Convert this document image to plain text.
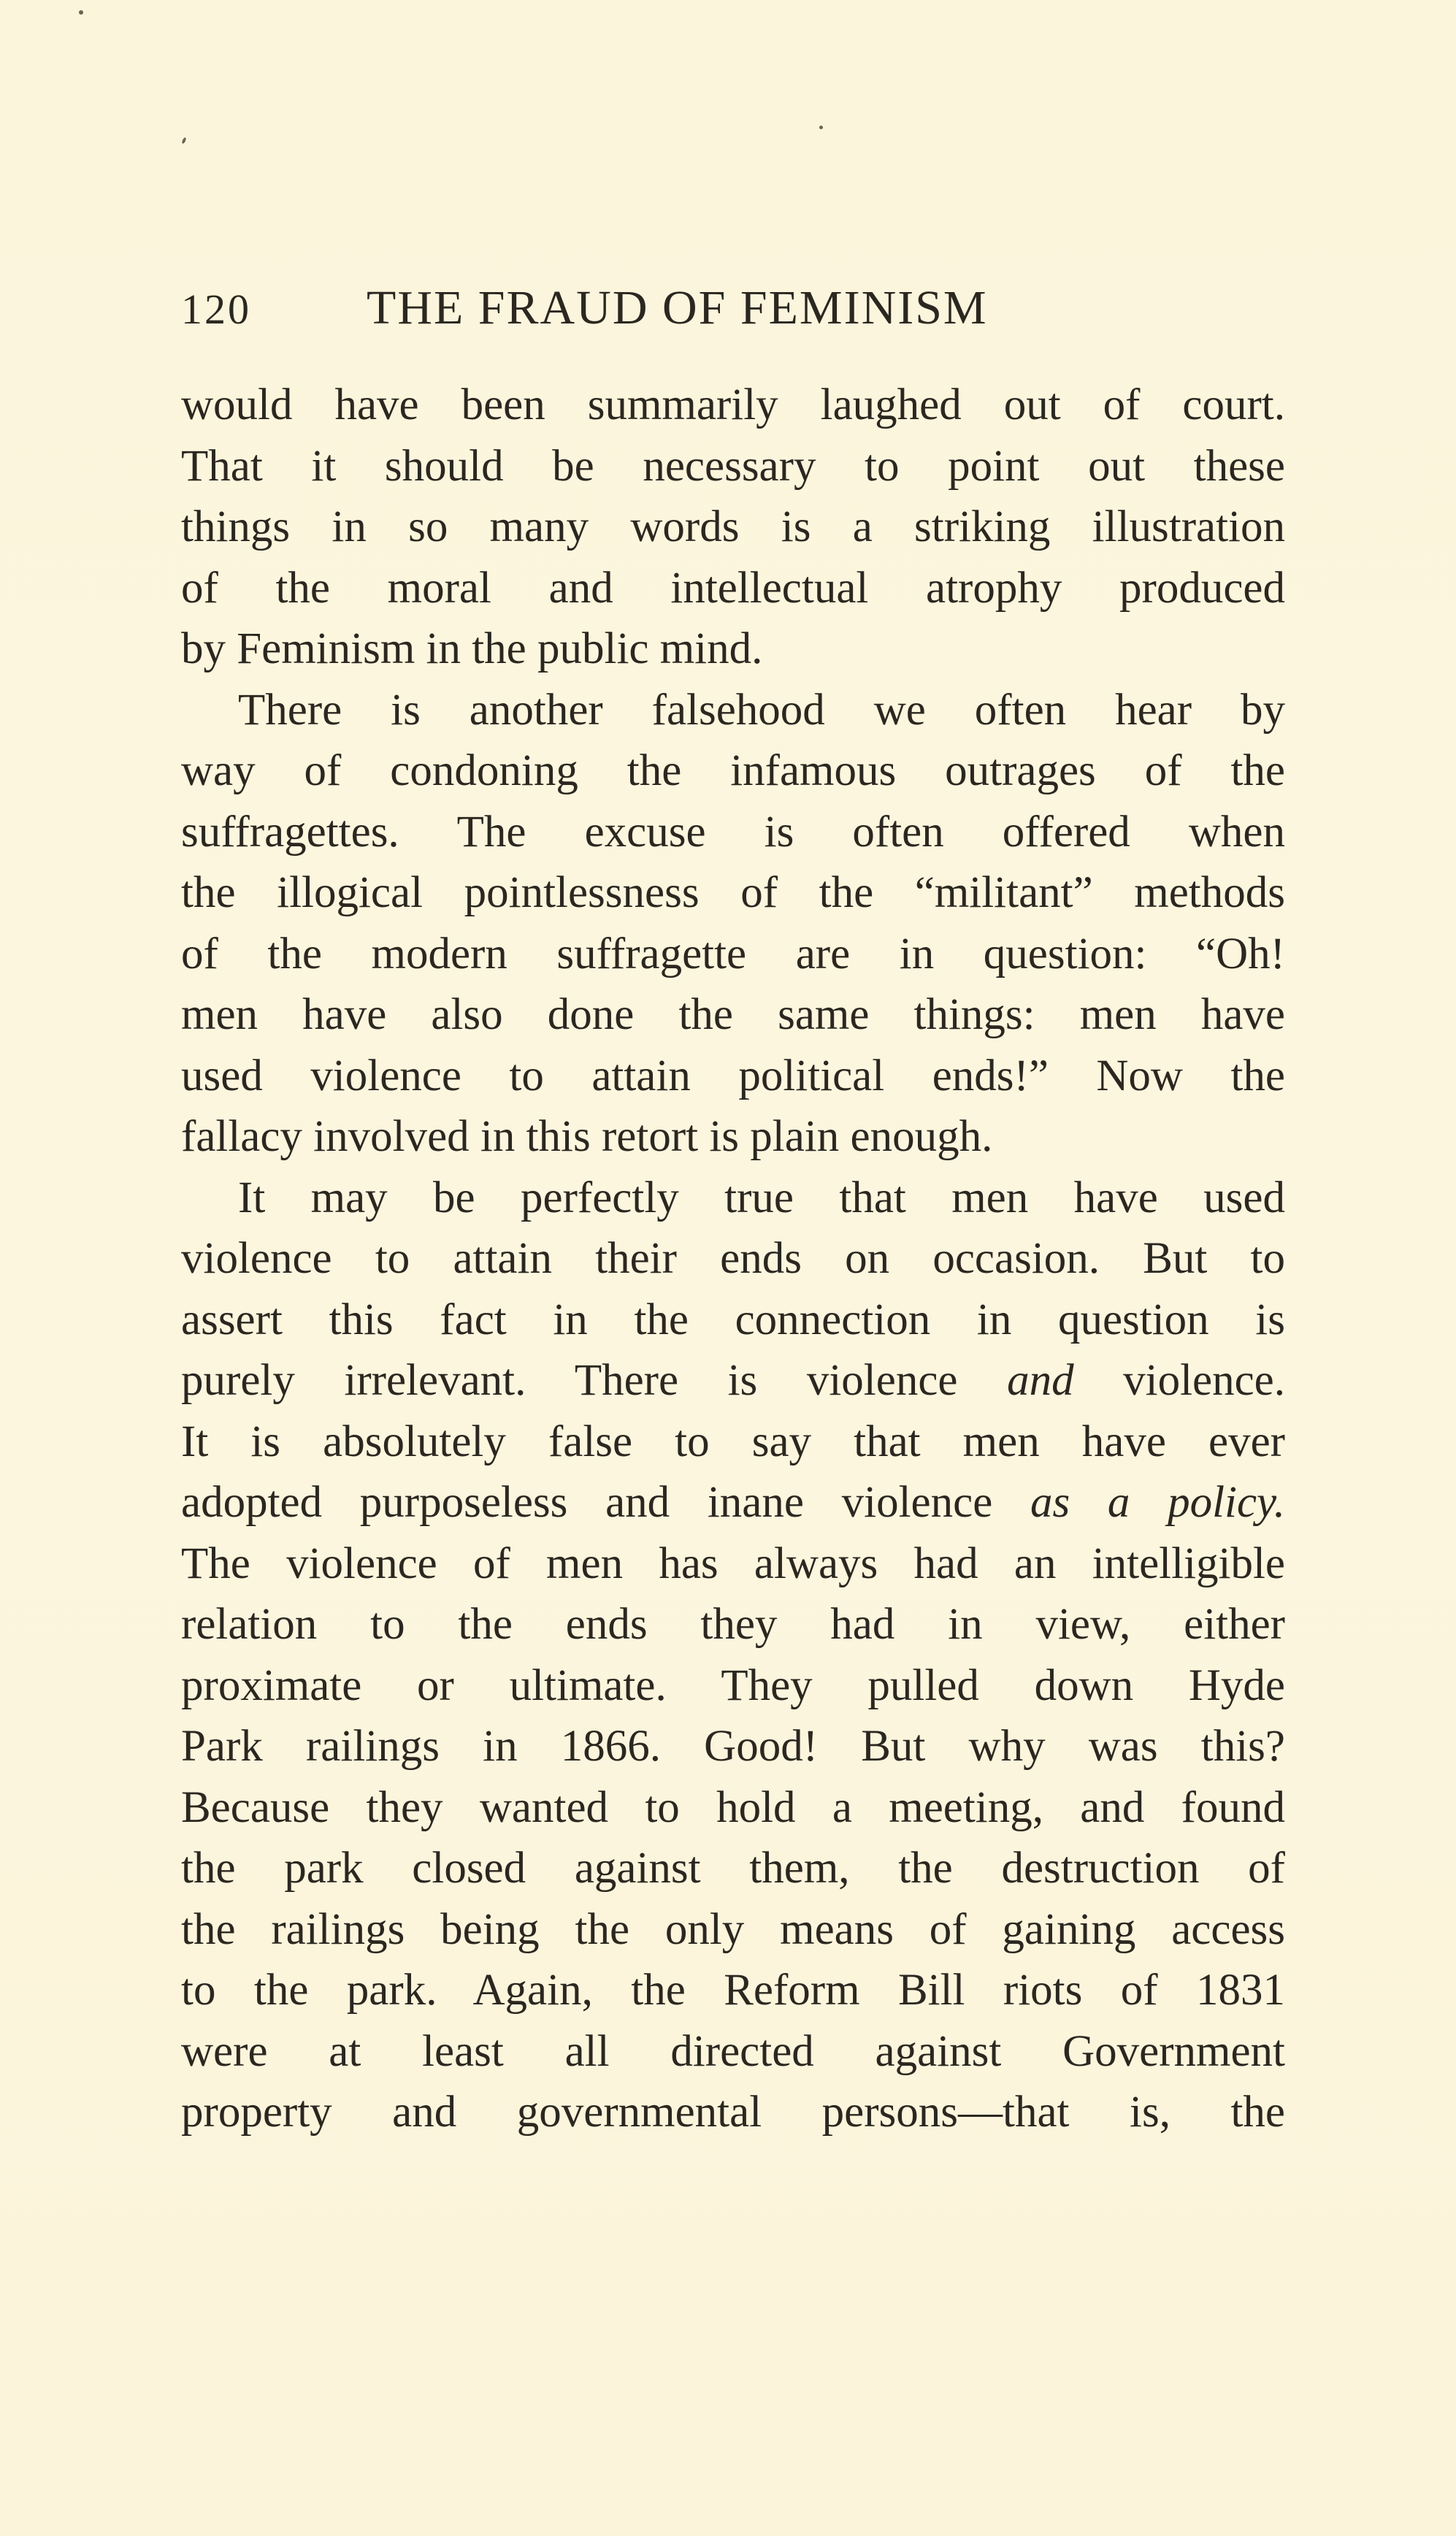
120 THE FRAUD OF FEMINISM
would have been summarily laughed out of court.
That it should be necessary to point out these
things in so many words is a striking illustration
of the moral and intellectual atrophy produced
by Feminism in the public mind.
There is another falsehood we often hear by
way of condoning the infamous outrages of the
suffragettes. The excuse is often offered when
the illogical pointlessness of the “militant” methods
of the modern suffragette are in question: “Oh!
men have also done the same things: men have
used violence to attain political ends!” Now the
fallacy involved in this retort is plain enough.
It may be perfectly true that men have used
violence to attain their ends on occasion. But to
assert this fact in the connection in question is
purely irrelevant. There is violence and violence.
It is absolutely false to say that men have ever
adopted purposeless and inane violence as a policy.
The violence of men has always had an intelligible
relation to the ends they had in view, either
proximate or ultimate. They pulled down Hyde
Park railings in 1866. Good! But why was this?
Because they wanted to hold a meeting, and found
the park closed against them, the destruction of
the railings being the only means of gaining access
to the park. Again, the Reform Bill riots of 1831
were at least all directed against Government
property and governmental persons—that is, the
